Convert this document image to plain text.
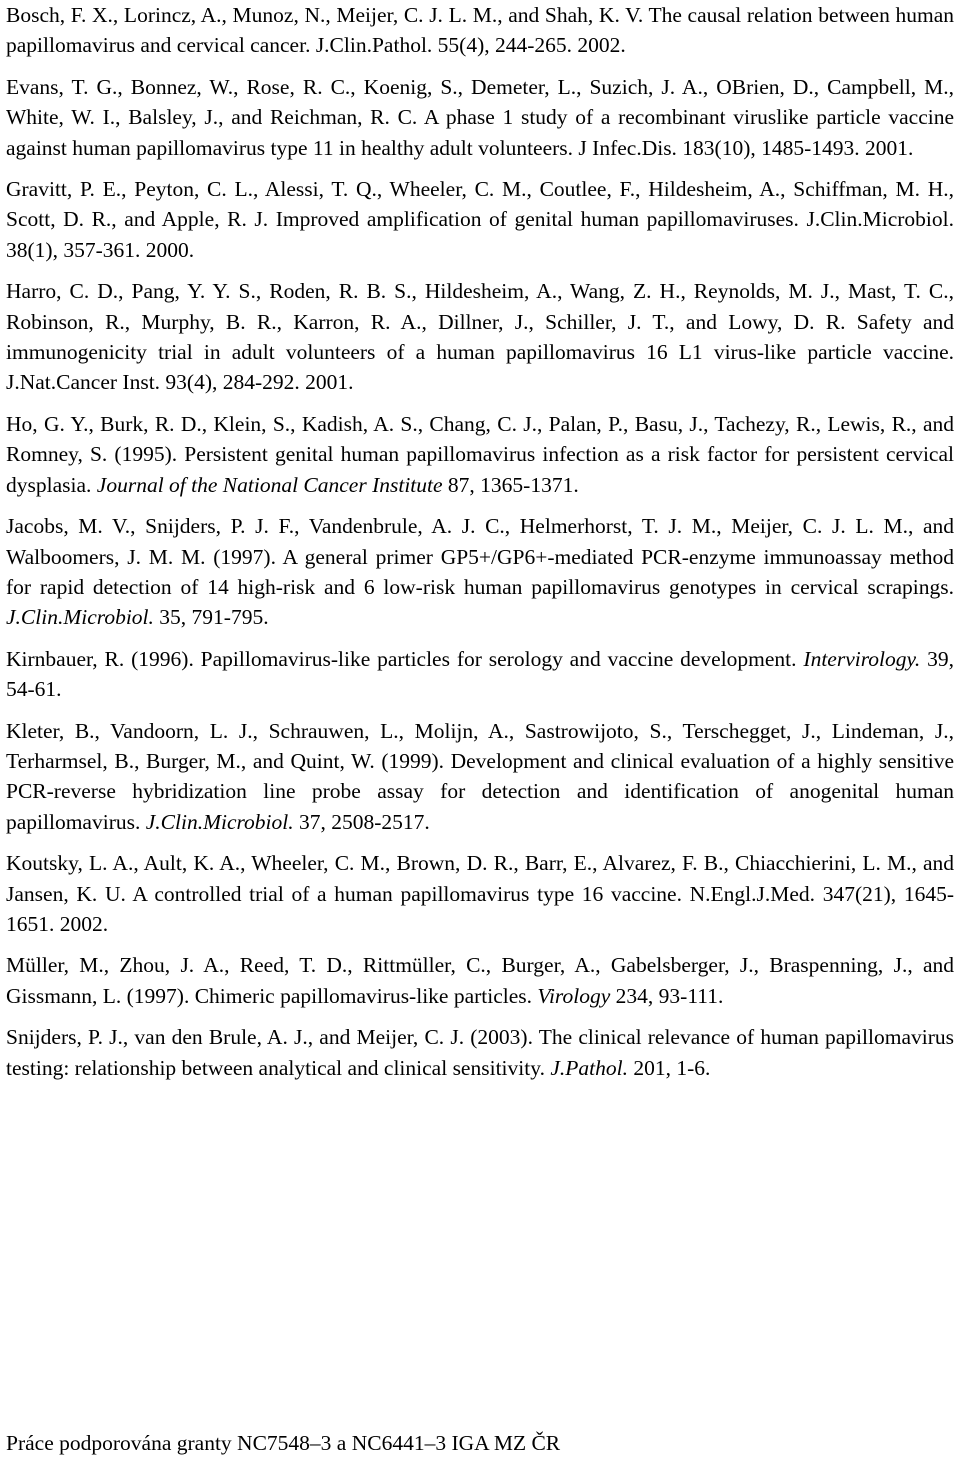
Bosch, F. X., Lorincz, A., Munoz, N., Meijer, C. J. L. M., and Shah, K. V. The causal relation between human papillomavirus and cervical cancer. J.Clin.Pathol. 55(4), 244-265. 2002.

Evans, T. G., Bonnez, W., Rose, R. C., Koenig, S., Demeter, L., Suzich, J. A., OBrien, D., Campbell, M., White, W. I., Balsley, J., and Reichman, R. C. A phase 1 study of a recombinant viruslike particle vaccine against human papillomavirus type 11 in healthy adult volunteers. J Infec.Dis. 183(10), 1485-1493. 2001.

Gravitt, P. E., Peyton, C. L., Alessi, T. Q., Wheeler, C. M., Coutlee, F., Hildesheim, A., Schiffman, M. H., Scott, D. R., and Apple, R. J. Improved amplification of genital human papillomaviruses. J.Clin.Microbiol. 38(1), 357-361. 2000.

Harro, C. D., Pang, Y. Y. S., Roden, R. B. S., Hildesheim, A., Wang, Z. H., Reynolds, M. J., Mast, T. C., Robinson, R., Murphy, B. R., Karron, R. A., Dillner, J., Schiller, J. T., and Lowy, D. R. Safety and immunogenicity trial in adult volunteers of a human papillomavirus 16 L1 virus-like particle vaccine. J.Nat.Cancer Inst. 93(4), 284-292. 2001.

Ho, G. Y., Burk, R. D., Klein, S., Kadish, A. S., Chang, C. J., Palan, P., Basu, J., Tachezy, R., Lewis, R., and Romney, S. (1995). Persistent genital human papillomavirus infection as a risk factor for persistent cervical dysplasia. Journal of the National Cancer Institute 87, 1365-1371.

Jacobs, M. V., Snijders, P. J. F., Vandenbrule, A. J. C., Helmerhorst, T. J. M., Meijer, C. J. L. M., and Walboomers, J. M. M. (1997). A general primer GP5+/GP6+-mediated PCR-enzyme immunoassay method for rapid detection of 14 high-risk and 6 low-risk human papillomavirus genotypes in cervical scrapings. J.Clin.Microbiol. 35, 791-795.

Kirnbauer, R. (1996). Papillomavirus-like particles for serology and vaccine development. Intervirology. 39, 54-61.

Kleter, B., Vandoorn, L. J., Schrauwen, L., Molijn, A., Sastrowijoto, S., Terschegget, J., Lindeman, J., Terharmsel, B., Burger, M., and Quint, W. (1999). Development and clinical evaluation of a highly sensitive PCR-reverse hybridization line probe assay for detection and identification of anogenital human papillomavirus. J.Clin.Microbiol. 37, 2508-2517.

Koutsky, L. A., Ault, K. A., Wheeler, C. M., Brown, D. R., Barr, E., Alvarez, F. B., Chiacchierini, L. M., and Jansen, K. U. A controlled trial of a human papillomavirus type 16 vaccine. N.Engl.J.Med. 347(21), 1645-1651. 2002.

Müller, M., Zhou, J. A., Reed, T. D., Rittmüller, C., Burger, A., Gabelsberger, J., Braspenning, J., and Gissmann, L. (1997). Chimeric papillomavirus-like particles. Virology 234, 93-111.

Snijders, P. J., van den Brule, A. J., and Meijer, C. J. (2003). The clinical relevance of human papillomavirus testing: relationship between analytical and clinical sensitivity. J.Pathol. 201, 1-6.

Práce podporována granty NC7548–3 a NC6441–3 IGA MZ ČR
